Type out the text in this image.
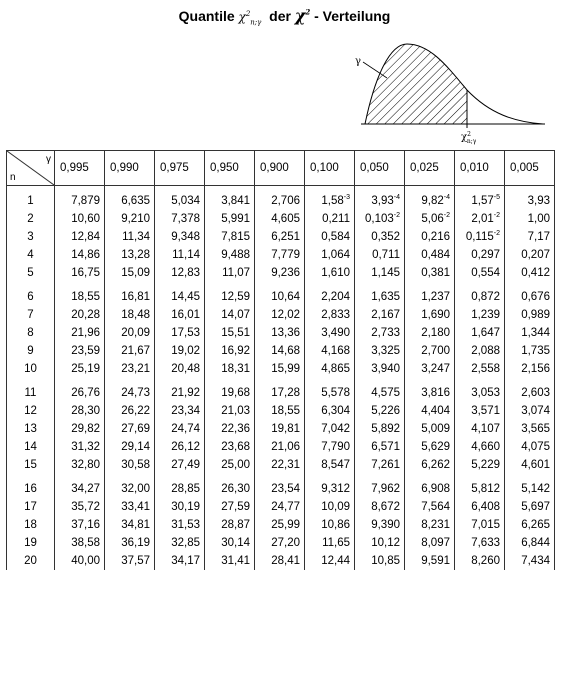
Quantile $\chi^2_{n;\gamma}$ der $\chi^2$ - Verteilung
γ
$\chi^2$ n;γ
γ
n	0,995	0,990	0,975	0,950	0,900	0,100	0,050	0,025	0,010	0,005
1	7,879	6,635	5,034	3,841	2,706	$1,58^{-3}$	$3,93^{-4}$	$9,82^{-4}$	$1,57^{-5}$	3,93
2	10,60	9,210	7,378	5,991	4,605	0,211	$0,103^{-2}$	$5,06^{-2}$	$2,01^{-2}$	1,00
3	12,84	11,34	9,348	7,815	6,251	0,584	0,352	0,216	$0,115^{-2}$	7,17
4	14,86	13,28	11,14	9,488	7,779	1,064	0,711	0,484	0,297	0,207
5	16,75	15,09	12,83	11,07	9,236	1,610	1,145	0,381	0,554	0,412
6	18,55	16,81	14,45	12,59	10,64	2,204	1,635	1,237	0,872	0,676
7	20,28	18,48	16,01	14,07	12,02	2,833	2,167	1,690	1,239	0,989
8	21,96	20,09	17,53	15,51	13,36	3,490	2,733	2,180	1,647	1,344
9	23,59	21,67	19,02	16,92	14,68	4,168	3,325	2,700	2,088	1,735
10	25,19	23,21	20,48	18,31	15,99	4,865	3,940	3,247	2,558	2,156
11	26,76	24,73	21,92	19,68	17,28	5,578	4,575	3,816	3,053	2,603
12	28,30	26,22	23,34	21,03	18,55	6,304	5,226	4,404	3,571	3,074
13	29,82	27,69	24,74	22,36	19,81	7,042	5,892	5,009	4,107	3,565
14	31,32	29,14	26,12	23,68	21,06	7,790	6,571	5,629	4,660	4,075
15	32,80	30,58	27,49	25,00	22,31	8,547	7,261	6,262	5,229	4,601
16	34,27	32,00	28,85	26,30	23,54	9,312	7,962	6,908	5,812	5,142
17	35,72	33,41	30,19	27,59	24,77	10,09	8,672	7,564	6,408	5,697
18	37,16	34,81	31,53	28,87	25,99	10,86	9,390	8,231	7,015	6,265
19	38,58	36,19	32,85	30,14	27,20	11,65	10,12	8,097	7,633	6,844
20	40,00	37,57	34,17	31,41	28,41	12,44	10,85	9,591	8,260	7,434
